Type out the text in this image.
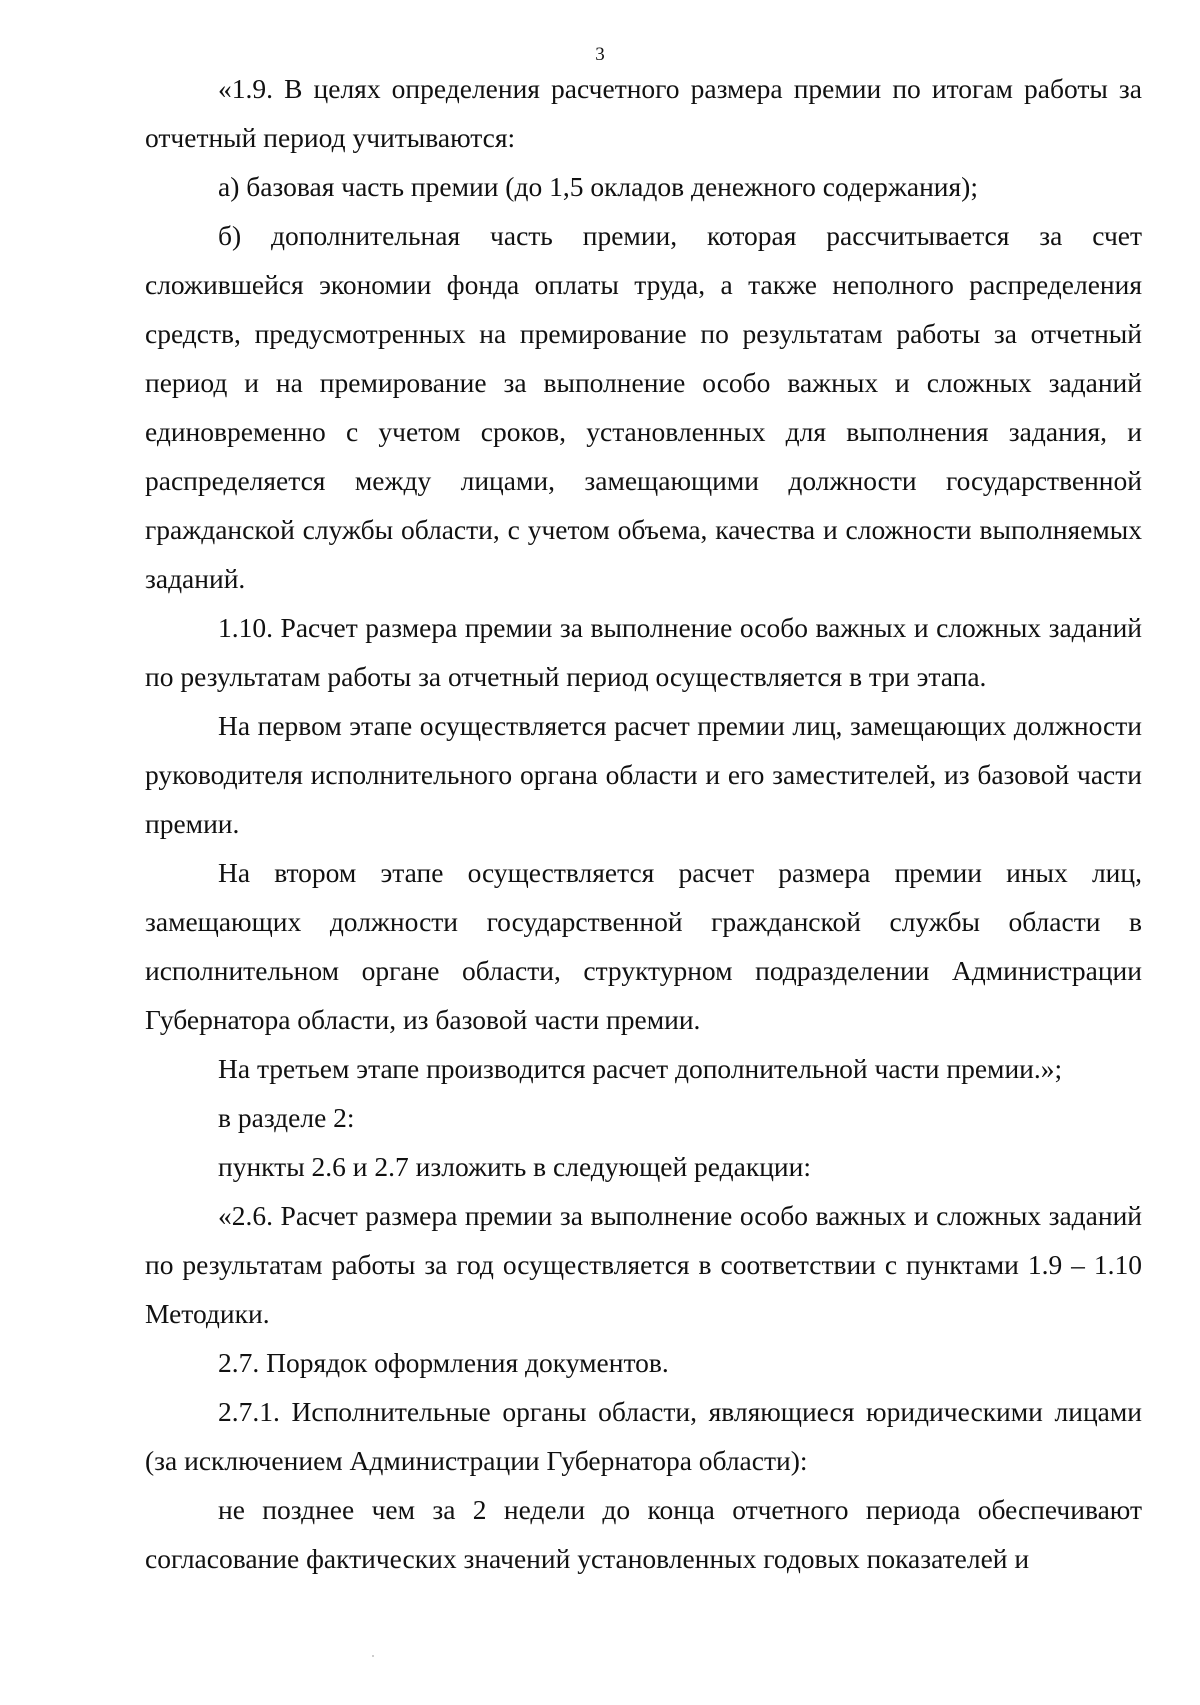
3

«1.9. В целях определения расчетного размера премии по итогам работы за отчетный период учитываются:

а) базовая часть премии (до 1,5 окладов денежного содержания);

б) дополнительная часть премии, которая рассчитывается за счет сложившейся экономии фонда оплаты труда, а также неполного распределения средств, предусмотренных на премирование по результатам работы за отчетный период и на премирование за выполнение особо важных и сложных заданий единовременно с учетом сроков, установленных для выполнения задания, и распределяется между лицами, замещающими должности государственной гражданской службы области, с учетом объема, качества и сложности выполняемых заданий.

1.10. Расчет размера премии за выполнение особо важных и сложных заданий по результатам работы за отчетный период осуществляется в три этапа.

На первом этапе осуществляется расчет премии лиц, замещающих должности руководителя исполнительного органа области и его заместителей, из базовой части премии.

На втором этапе осуществляется расчет размера премии иных лиц, замещающих должности государственной гражданской службы области в исполнительном органе области, структурном подразделении Администрации Губернатора области, из базовой части премии.

На третьем этапе производится расчет дополнительной части премии.»;

в разделе 2:

пункты 2.6 и 2.7 изложить в следующей редакции:

«2.6. Расчет размера премии за выполнение особо важных и сложных заданий по результатам работы за год осуществляется в соответствии с пунктами 1.9 – 1.10 Методики.

2.7. Порядок оформления документов.

2.7.1. Исполнительные органы области, являющиеся юридическими лицами (за исключением Администрации Губернатора области):

не позднее чем за 2 недели до конца отчетного периода обеспечивают согласование фактических значений установленных годовых показателей и
